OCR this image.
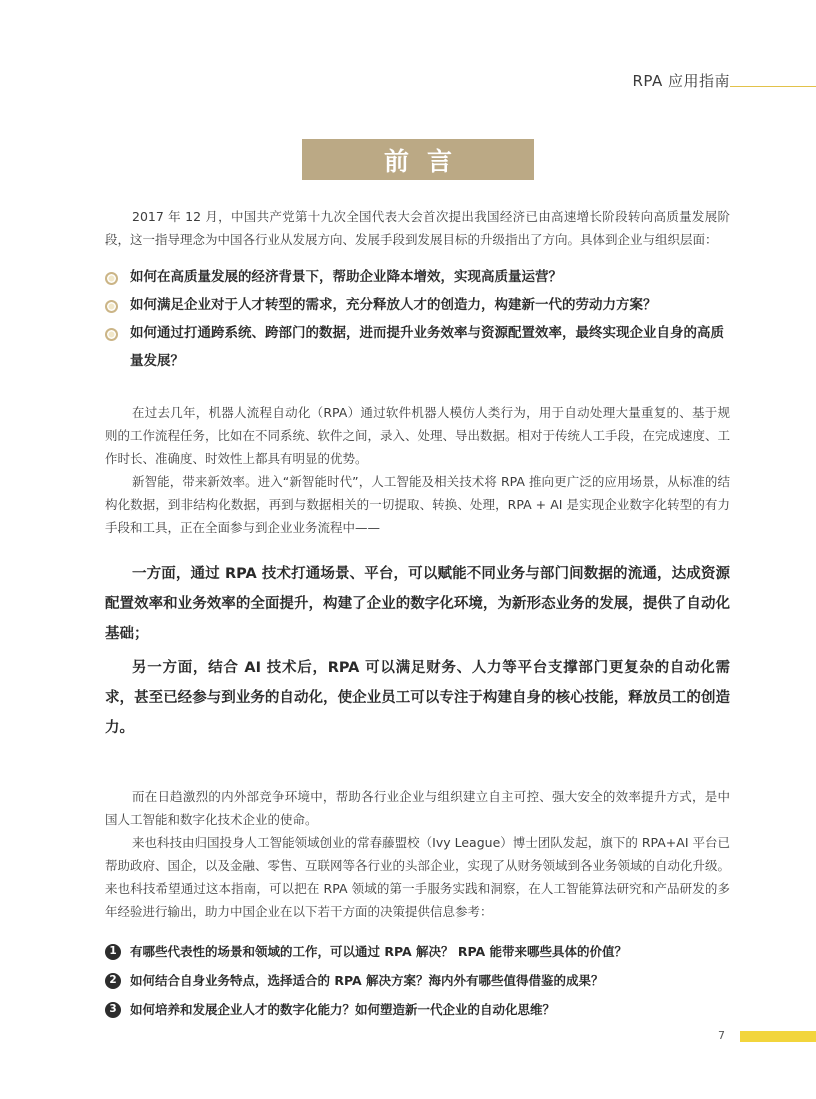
RPA 应用指南
前言

2017 年 12 月，中国共产党第十九次全国代表大会首次提出我国经济已由高速增长阶段转向高质量发展阶段，这一指导理念为中国各行业从发展方向、发展手段到发展目标的升级指出了方向。具体到企业与组织层面：

如何在高质量发展的经济背景下，帮助企业降本增效，实现高质量运营？
如何满足企业对于人才转型的需求，充分释放人才的创造力，构建新一代的劳动力方案？
如何通过打通跨系统、跨部门的数据，进而提升业务效率与资源配置效率，最终实现企业自身的高质量发展？

在过去几年，机器人流程自动化（RPA）通过软件机器人模仿人类行为，用于自动处理大量重复的、基于规则的工作流程任务，比如在不同系统、软件之间，录入、处理、导出数据。相对于传统人工手段，在完成速度、工作时长、准确度、时效性上都具有明显的优势。

新智能，带来新效率。进入“新智能时代”，人工智能及相关技术将 RPA 推向更广泛的应用场景，从标准的结构化数据，到非结构化数据，再到与数据相关的一切提取、转换、处理，RPA + AI 是实现企业数字化转型的有力手段和工具，正在全面参与到企业业务流程中——

一方面，通过 RPA 技术打通场景、平台，可以赋能不同业务与部门间数据的流通，达成资源配置效率和业务效率的全面提升，构建了企业的数字化环境，为新形态业务的发展，提供了自动化基础；

另一方面，结合 AI 技术后，RPA 可以满足财务、人力等平台支撑部门更复杂的自动化需求，甚至已经参与到业务的自动化，使企业员工可以专注于构建自身的核心技能，释放员工的创造力。

而在日趋激烈的内外部竞争环境中，帮助各行业企业与组织建立自主可控、强大安全的效率提升方式，是中国人工智能和数字化技术企业的使命。

来也科技由归国投身人工智能领域创业的常春藤盟校（Ivy League）博士团队发起，旗下的 RPA+AI 平台已帮助政府、国企，以及金融、零售、互联网等各行业的头部企业，实现了从财务领域到各业务领域的自动化升级。来也科技希望通过这本指南，可以把在 RPA 领域的第一手服务实践和洞察，在人工智能算法研究和产品研发的多年经验进行输出，助力中国企业在以下若干方面的决策提供信息参考：

1	有哪些代表性的场景和领域的工作，可以通过 RPA 解决？ RPA 能带来哪些具体的价值？
2	如何结合自身业务特点，选择适合的 RPA 解决方案？海内外有哪些值得借鉴的成果？
3	如何培养和发展企业人才的数字化能力？如何塑造新一代企业的自动化思维？
7
